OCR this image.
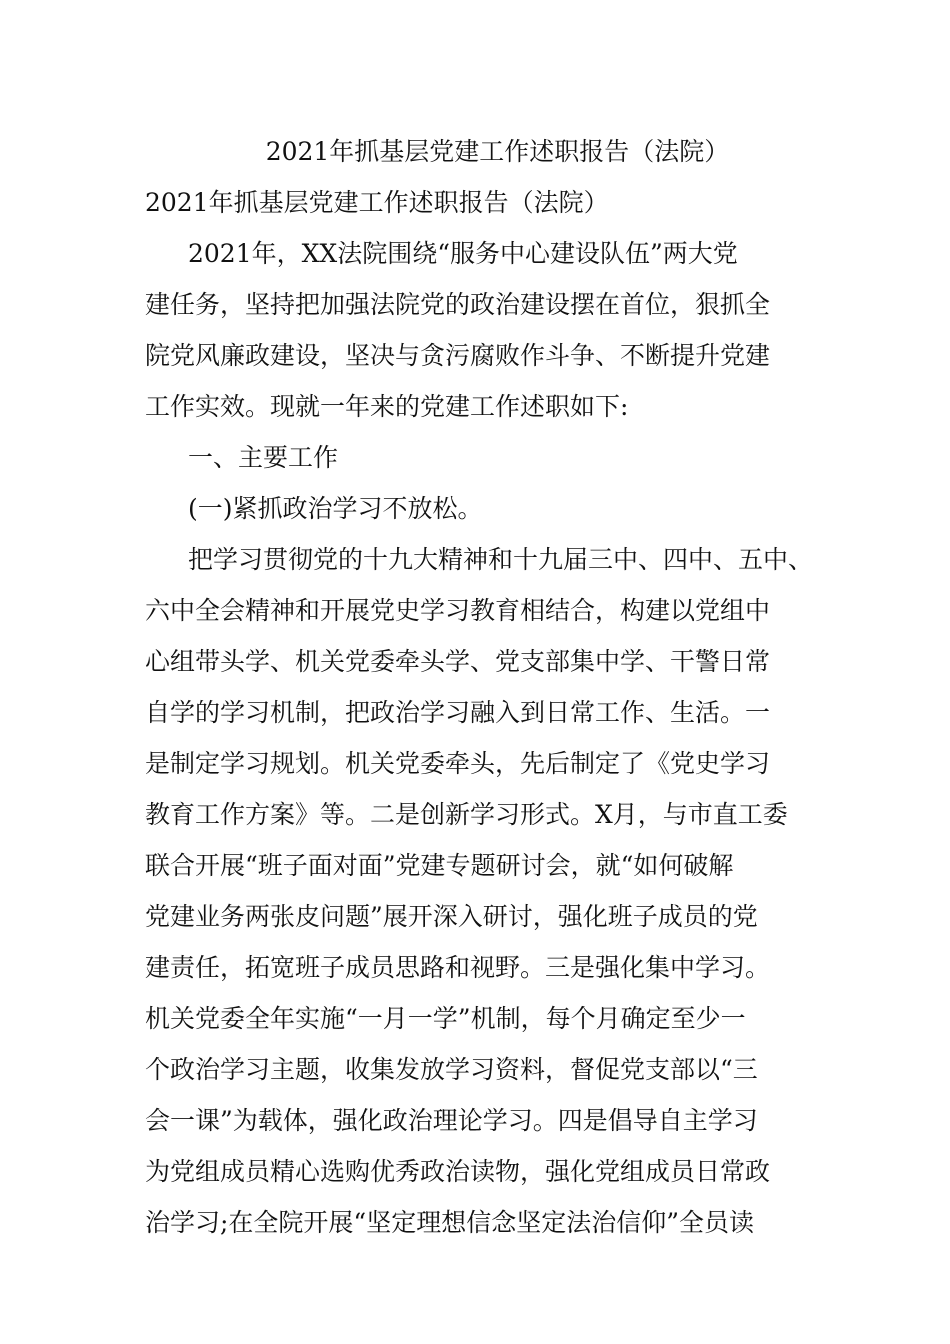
2021年抓基层党建工作述职报告（法院）
2021年抓基层党建工作述职报告（法院）
2021年，XX法院围绕“服务中心建设队伍”两大党
建任务，坚持把加强法院党的政治建设摆在首位，狠抓全
院党风廉政建设，坚决与贪污腐败作斗争、不断提升党建
工作实效。现就一年来的党建工作述职如下:
一、主要工作
(一)紧抓政治学习不放松。
把学习贯彻党的十九大精神和十九届三中、四中、五中、
六中全会精神和开展党史学习教育相结合，构建以党组中
心组带头学、机关党委牵头学、党支部集中学、干警日常
自学的学习机制，把政治学习融入到日常工作、生活。一
是制定学习规划。机关党委牵头，先后制定了《党史学习
教育工作方案》等。二是创新学习形式。X月，与市直工委
联合开展“班子面对面”党建专题研讨会，就“如何破解
党建业务两张皮问题”展开深入研讨，强化班子成员的党
建责任，拓宽班子成员思路和视野。三是强化集中学习。
机关党委全年实施“一月一学”机制，每个月确定至少一
个政治学习主题，收集发放学习资料，督促党支部以“三
会一课”为载体，强化政治理论学习。四是倡导自主学习
为党组成员精心选购优秀政治读物，强化党组成员日常政
治学习;在全院开展“坚定理想信念坚定法治信仰”全员读
